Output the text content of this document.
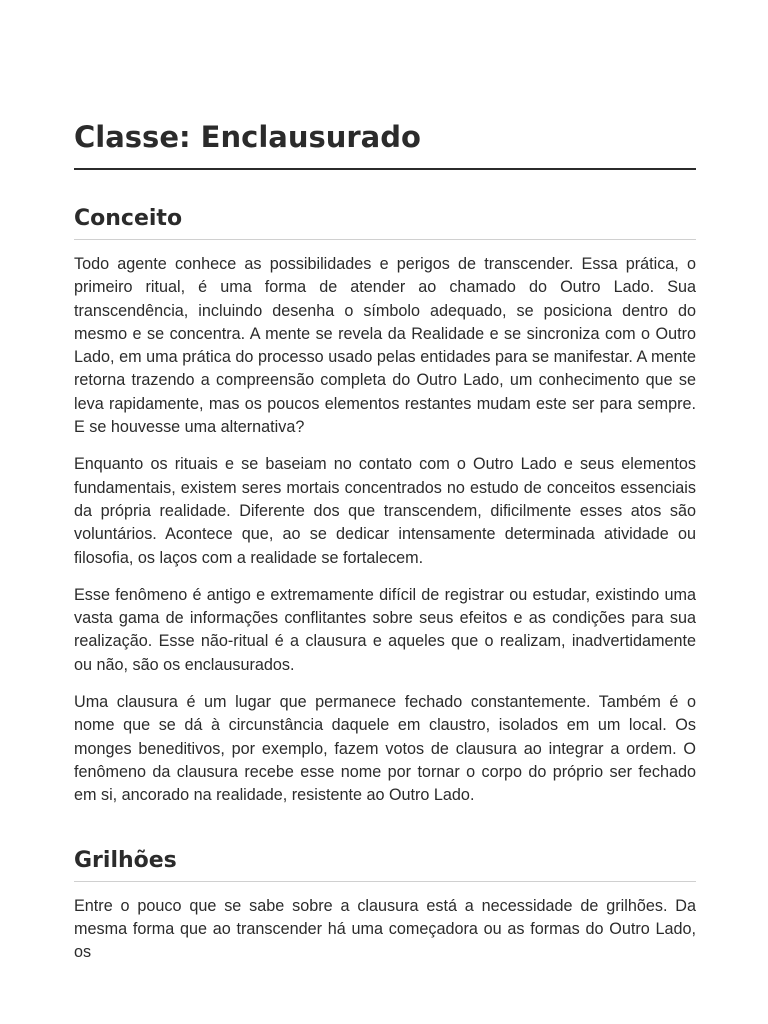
Classe: Enclausurado
Conceito

Todo agente conhece as possibilidades e perigos de transcender. Essa prática, o primeiro ritual, é uma forma de atender ao chamado do Outro Lado. Sua transcendência, incluindo desenha o símbolo adequado, se posiciona dentro do mesmo e se concentra. A mente se revela da Realidade e se sincroniza com o Outro Lado, em uma prática do processo usado pelas entidades para se manifestar. A mente retorna trazendo a compreensão completa do Outro Lado, um conhecimento que se leva rapidamente, mas os poucos elementos restantes mudam este ser para sempre. E se houvesse uma alternativa?

Enquanto os rituais e se baseiam no contato com o Outro Lado e seus elementos fundamentais, existem seres mortais concentrados no estudo de conceitos essenciais da própria realidade. Diferente dos que transcendem, dificilmente esses atos são voluntários. Acontece que, ao se dedicar intensamente determinada atividade ou filosofia, os laços com a realidade se fortalecem.

Esse fenômeno é antigo e extremamente difícil de registrar ou estudar, existindo uma vasta gama de informações conflitantes sobre seus efeitos e as condições para sua realização. Esse não-ritual é a clausura e aqueles que o realizam, inadvertidamente ou não, são os enclausurados.

Uma clausura é um lugar que permanece fechado constantemente. Também é o nome que se dá à circunstância daquele em claustro, isolados em um local. Os monges beneditivos, por exemplo, fazem votos de clausura ao integrar a ordem. O fenômeno da clausura recebe esse nome por tornar o corpo do próprio ser fechado em si, ancorado na realidade, resistente ao Outro Lado.

Grilhões

Entre o pouco que se sabe sobre a clausura está a necessidade de grilhões. Da mesma forma que ao transcender há uma começadora ou as formas do Outro Lado, os
